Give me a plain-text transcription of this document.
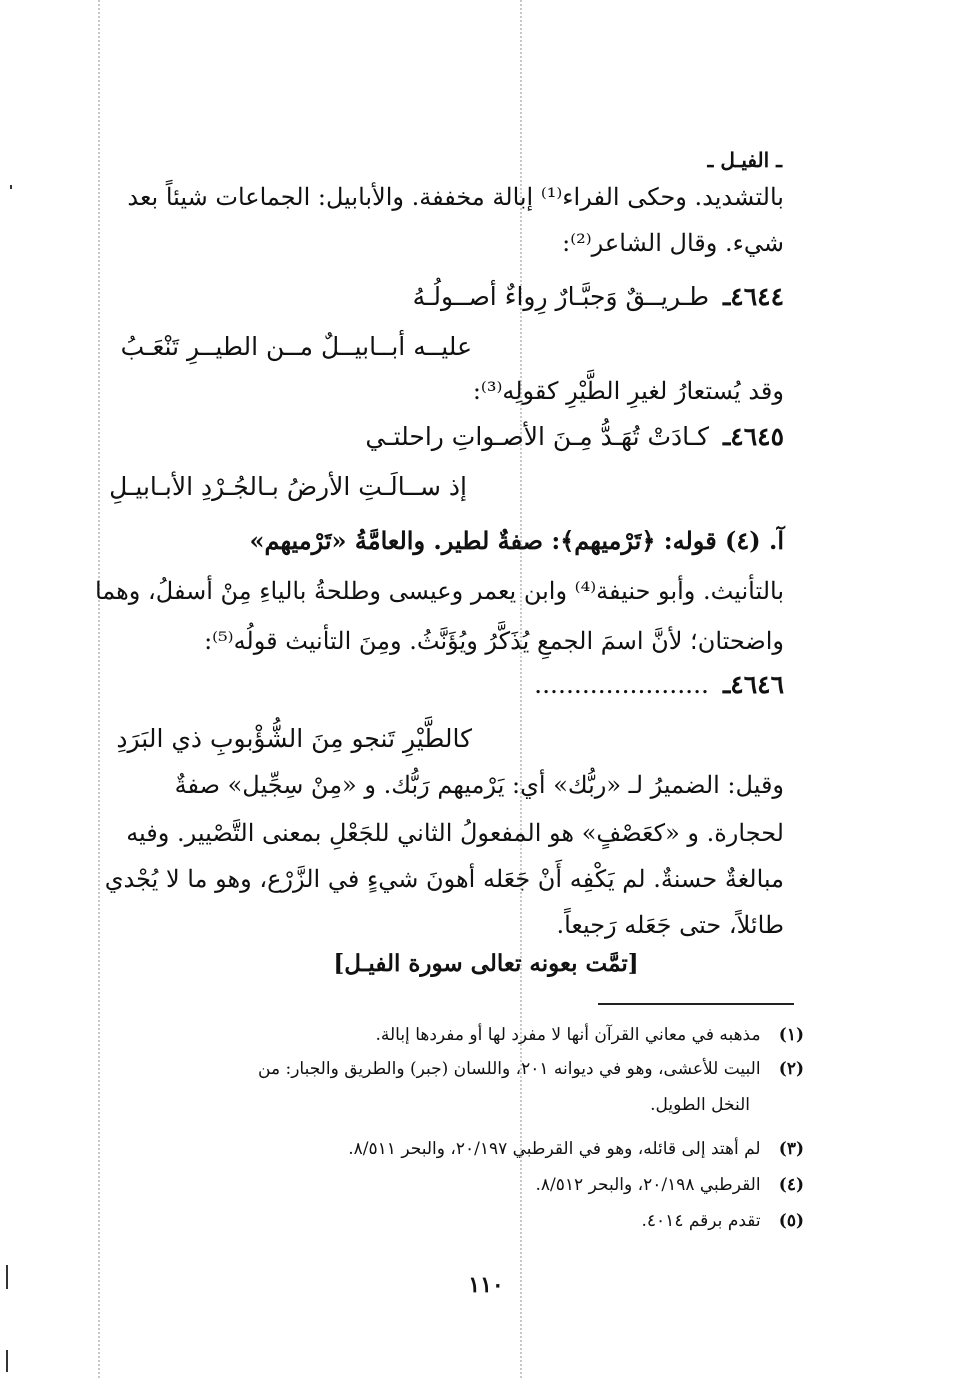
ـ الفيـل ـ
بالتشديد. وحكى الفراء⁽¹⁾ إبالة مخففة. والأبابيل: الجماعات شيئاً بعد
شيء. وقال الشاعر⁽²⁾:
٤٦٤٤ـ طـريــقٌ وَجبَّـارٌ رِواءٌ أصــولُـهُ
عليــه أبــابيــلٌ مــن الطيــرِ تَنْعَـبُ
وقد يُستعارُ لغيرِ الطَّيْرِ كقولِه⁽³⁾:
٤٦٤٥ـ كـادَتْ تُهَـدُّ مِـنَ الأصـواتِ راحلتـي
إذ ســالَـتِ الأرضُ بـالجُـرْدِ الأبـابيـلِ
آ. (٤) قوله: ﴿تَرْميهم﴾: صفةٌ لطير. والعامَّةُ «تَرْميهم»
بالتأنيث. وأبو حنيفة⁽⁴⁾ وابن يعمر وعيسى وطلحةُ بالياءِ مِنْ أسفلُ، وهما
واضحتان؛ لأنَّ اسمَ الجمعِ يُذَكَّرُ ويُؤَنَّثُ. ومِنَ التأنيث قولُه⁽⁵⁾:
٤٦٤٦ـ ......................
كالطَّيْرِ تَنجو مِنَ الشُّؤْبوبِ ذي البَرَدِ
وقيل: الضميرُ لـ «ربُّك» أي: يَرْميهم رَبُّك. و «مِنْ سِجِّيل» صفةٌ
لحجارة. و «كعَصْفٍ» هو المفعولُ الثاني للجَعْلِ بمعنى التَّصْيير. وفيه
مبالغةٌ حسنةٌ. لم يَكْفِه أَنْ جَعَله أهونَ شيءٍ في الزَّرْع، وهو ما لا يُجْدي
طائلاً، حتى جَعَله رَجيعاً.
[تمَّت بعونه تعالى سورة الفيـل]
(١) مذهبه في معاني القرآن أنها لا مفرد لها أو مفردها إبالة.
(٢) البيت للأعشى، وهو في ديوانه ٢٠١، واللسان (جبر) والطريق والجبار: من
النخل الطويل.
(٣) لم أهتد إلى قائله، وهو في القرطبي ٢٠/١٩٧، والبحر ٨/٥١١.
(٤) القرطبي ٢٠/١٩٨، والبحر ٨/٥١٢.
(٥) تقدم برقم ٤٠١٤.
١١٠
